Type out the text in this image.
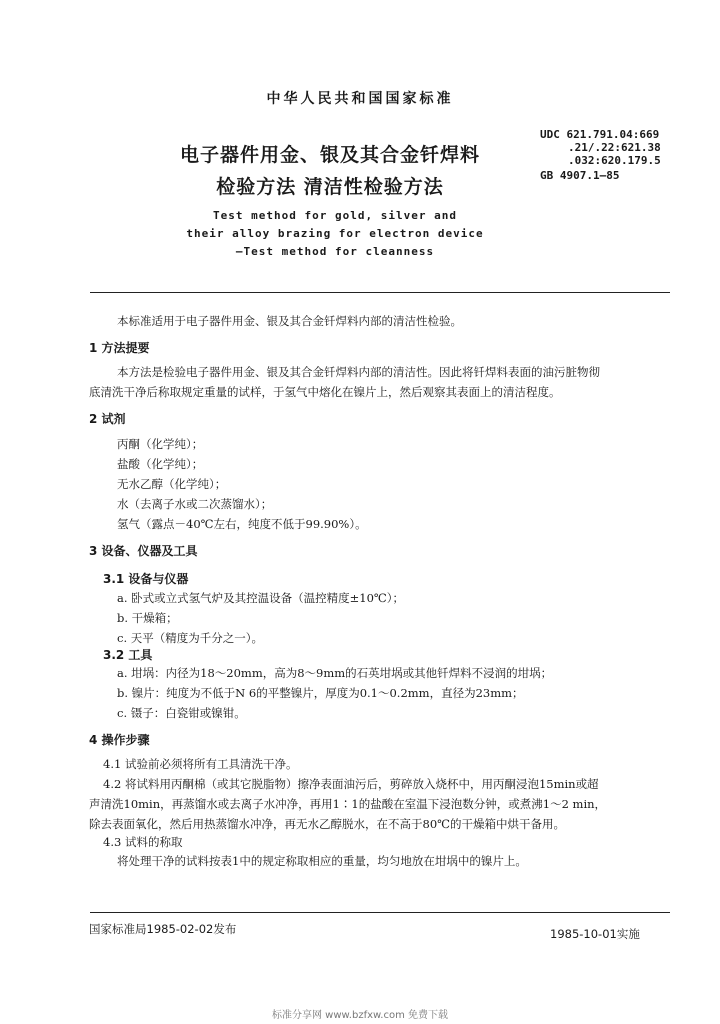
中华人民共和国国家标准
电子器件用金、银及其合金钎焊料
检验方法 清洁性检验方法
UDC 621.791.04:669
.21/.22:621.38
.032:620.179.5
GB 4907.1—85
Test method for gold, silver and
their alloy brazing for electron device
—Test method for cleanness
本标准适用于电子器件用金、银及其合金钎焊料内部的清洁性检验。
1 方法提要
本方法是检验电子器件用金、银及其合金钎焊料内部的清洁性。因此将钎焊料表面的油污脏物彻
底清洗干净后称取规定重量的试样，于氢气中熔化在镍片上，然后观察其表面上的清洁程度。
2 试剂
丙酮（化学纯）；
盐酸（化学纯）；
无水乙醇（化学纯）；
水（去离子水或二次蒸馏水）；
氢气（露点－40℃左右，纯度不低于99.90%）。
3 设备、仪器及工具
3.1 设备与仪器
a. 卧式或立式氢气炉及其控温设备（温控精度±10℃）；
b. 干燥箱；
c. 天平（精度为千分之一）。
3.2 工具
a. 坩埚：内径为18～20mm，高为8～9mm的石英坩埚或其他钎焊料不浸润的坩埚；
b. 镍片：纯度为不低于N 6的平整镍片，厚度为0.1～0.2mm，直径为23mm；
c. 镊子：白瓷钳或镍钳。
4 操作步骤
4.1 试验前必须将所有工具清洗干净。
4.2 将试料用丙酮棉（或其它脱脂物）擦净表面油污后，剪碎放入烧杯中，用丙酮浸泡15min或超
声清洗10min，再蒸馏水或去离子水冲净，再用1∶1的盐酸在室温下浸泡数分钟，或煮沸1～2 min，
除去表面氧化，然后用热蒸馏水冲净，再无水乙醇脱水，在不高于80℃的干燥箱中烘干备用。
4.3 试料的称取
将处理干净的试料按表1中的规定称取相应的重量，均匀地放在坩埚中的镍片上。
国家标准局1985-02-02发布	1985-10-01实施
标准分享网 www.bzfxw.com 免费下载
